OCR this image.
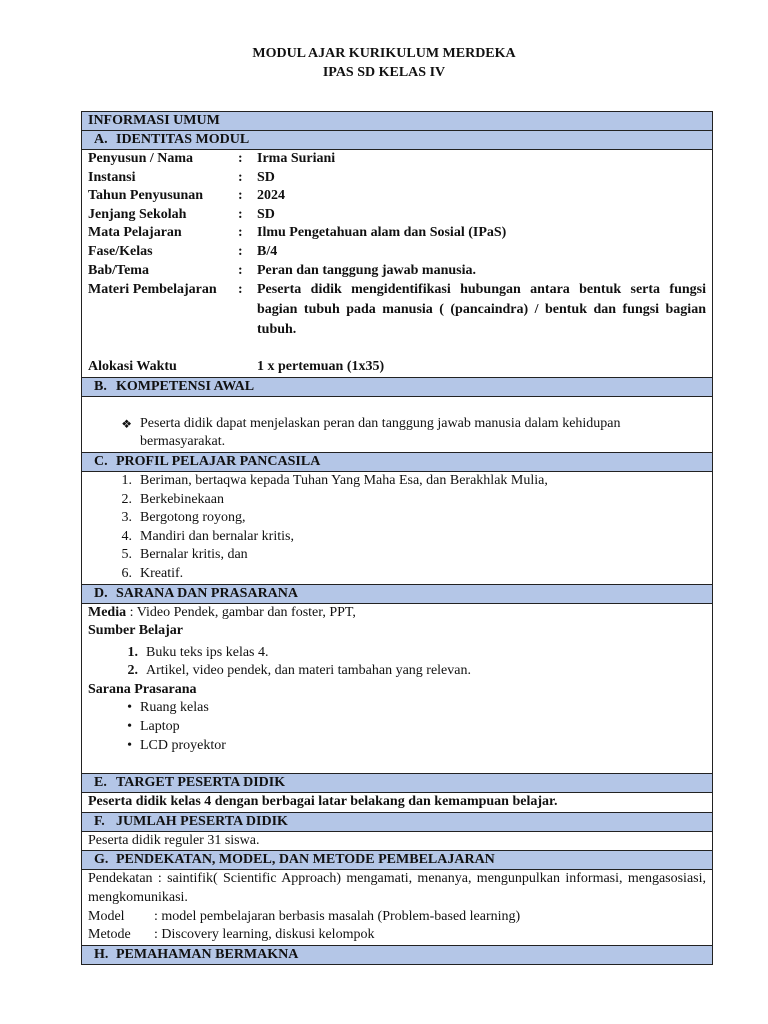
MODUL AJAR KURIKULUM MERDEKA
IPAS SD KELAS IV
INFORMASI UMUM
A. IDENTITAS MODUL

Penyusun / Nama	:	Irma Suriani
Instansi	:	SD
Tahun Penyusunan	:	2024
Jenjang Sekolah	:	SD
Mata Pelajaran	:	Ilmu Pengetahuan alam dan Sosial (IPaS)
Fase/Kelas	:	B/4
Bab/Tema	:	Peran dan tanggung jawab manusia.
Materi Pembelajaran	:	Peserta didik mengidentifikasi hubungan antara bentuk serta fungsi bagian tubuh pada manusia ( (pancaindra) / bentuk dan fungsi bagian tubuh.
Alokasi Waktu	1 x pertemuan (1x35)

B. KOMPETENSI AWAL

❖ Peserta didik dapat menjelaskan peran dan tanggung jawab manusia dalam kehidupan bermasyarakat.

C. PROFIL PELAJAR PANCASILA

1. Beriman, bertaqwa kepada Tuhan Yang Maha Esa, dan Berakhlak Mulia,
2. Berkebinekaan
3. Bergotong royong,
4. Mandiri dan bernalar kritis,
5. Bernalar kritis, dan
6. Kreatif.

D. SARANA DAN PRASARANA

Media : Video Pendek, gambar dan foster, PPT,
Sumber Belajar
1. Buku teks ips kelas 4.
2. Artikel, video pendek, dan materi tambahan yang relevan.
Sarana Prasarana
• Ruang kelas
• Laptop
• LCD proyektor

E. TARGET PESERTA DIDIK
Peserta didik kelas 4 dengan berbagai latar belakang dan kemampuan belajar.
F. JUMLAH PESERTA DIDIK
Peserta didik reguler 31 siswa.
G. PENDEKATAN, MODEL, DAN METODE PEMBELAJARAN

Pendekatan : saintifik( Scientific Approach) mengamati, menanya, mengunpulkan informasi, mengasosiasi, mengkomunikasi.
Model	: model pembelajaran berbasis masalah (Problem-based learning)
Metode	: Discovery learning, diskusi kelompok

H. PEMAHAMAN BERMAKNA
